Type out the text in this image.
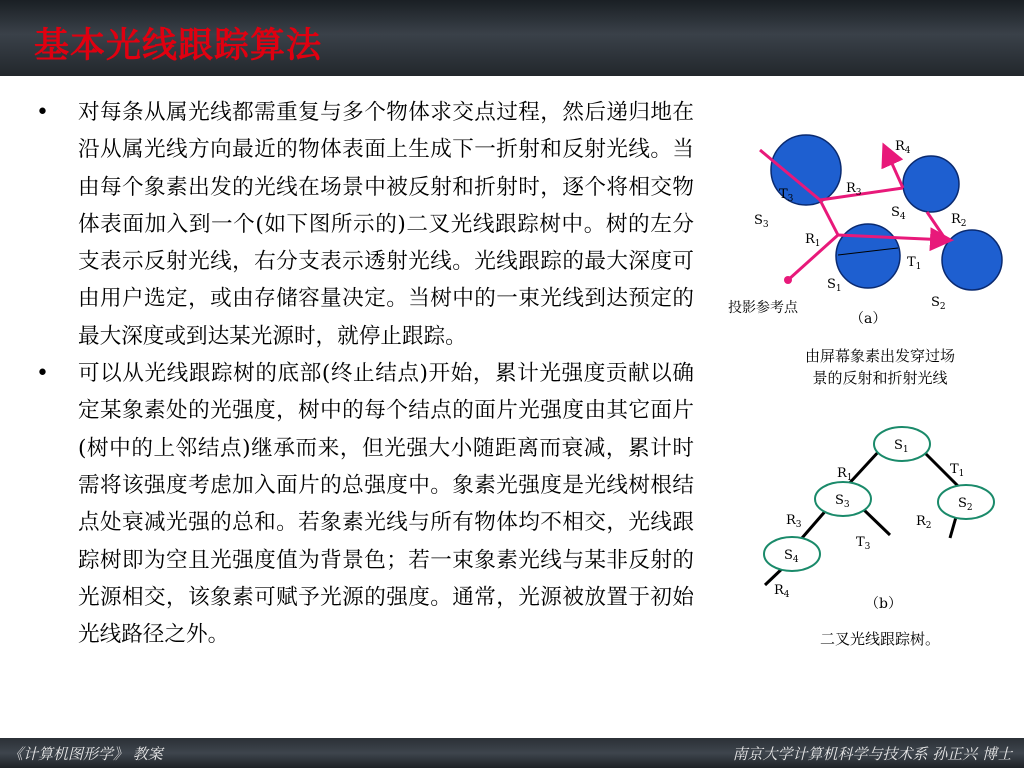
基本光线跟踪算法

• 对每条从属光线都需重复与多个物体求交点过程，然后递归地在沿从属光线方向最近的物体表面上生成下一折射和反射光线。当由每个象素出发的光线在场景中被反射和折射时，逐个将相交物体表面加入到一个(如下图所示的)二叉光线跟踪树中。树的左分支表示反射光线，右分支表示透射光线。光线跟踪的最大深度可由用户选定，或由存储容量决定。当树中的一束光线到达预定的最大深度或到达某光源时，就停止跟踪。

• 可以从光线跟踪树的底部(终止结点)开始，累计光强度贡献以确定某象素处的光强度，树中的每个结点的面片光强度由其它面片(树中的上邻结点)继承而来，但光强大小随距离而衰减，累计时需将该强度考虑加入面片的总强度中。象素光强度是光线树根结点处衰减光强的总和。若象素光线与所有物体均不相交，光线跟踪树即为空且光强度值为背景色；若一束象素光线与某非反射的光源相交，该象素可赋予光源的强度。通常，光源被放置于初始光线路径之外。

$R_4$
$R_3$
$T_3$
$S_3$
$S_4$	$R_2$
$R_1$
$T_1$
$S_1$
$S_2$
投影参考点
（a）
由屏幕象素出发穿过场
景的反射和折射光线
$S_1$
$S_3$	$S_2$
$S_4$
$R_1$
$T_1$
$R_3$	$R_2$
$T_3$
$R_4$
（b）
二叉光线跟踪树。
《计算机图形学》 教案	南京大学计算机科学与技术系 孙正兴 博士
